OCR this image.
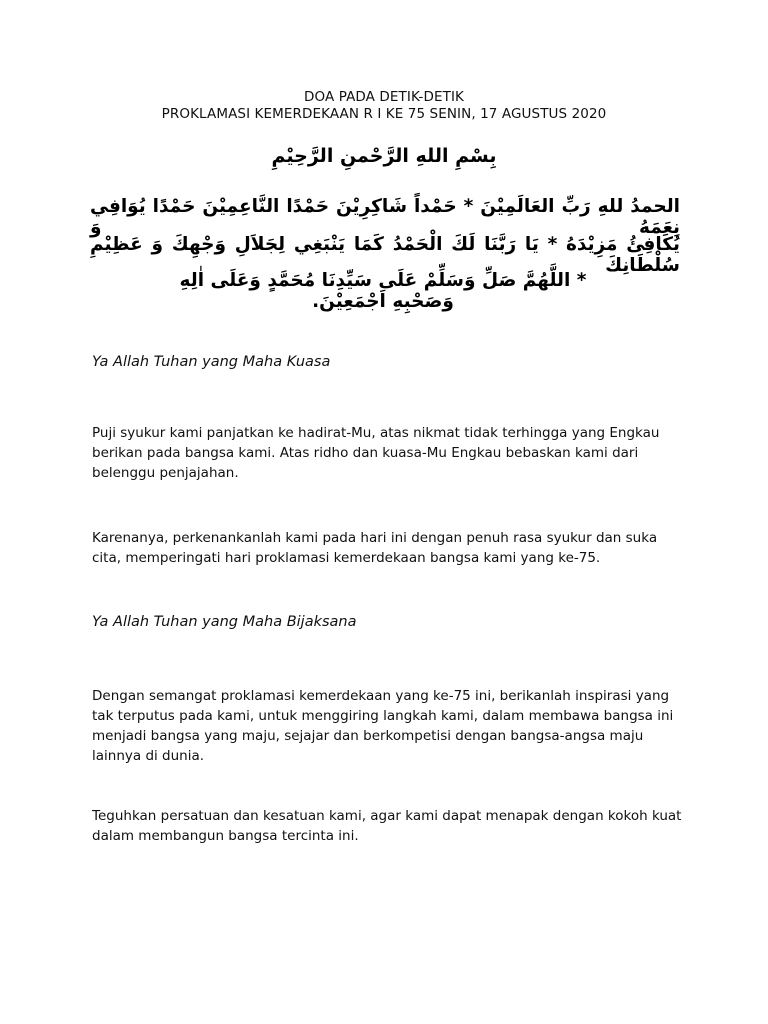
DOA PADA DETIK-DETIK
PROKLAMASI KEMERDEKAAN R I KE 75 SENIN, 17 AGUSTUS 2020
بِسْمِ اللهِ الرَّحْمنِ الرَّحِيْمِ
الحمدُ للهِ رَبِّ العَالَمِيْنَ * حَمْداً شَاكِرِيْنَ حَمْدًا النَّاعِمِيْنَ حَمْدًا يُوَافِي نِعَمَهُ وَ
يُكَافِئُ مَزِيْدَهُ * يَا رَبَّنَا لَكَ الْحَمْدُ كَمَا يَنْبَغِي لِجَلاَلِ وَجْهِكَ وَ عَظِيْمِ سُلْطَانِكَ
* اللَّهُمَّ صَلِّ وَسَلِّمْ عَلَى سَيِّدِنَا مُحَمَّدٍ وَعَلَى اٰلِهِ وَصَحْبِهِ اَجْمَعِيْنَ.
Ya Allah Tuhan yang Maha Kuasa
Puji syukur kami panjatkan ke hadirat-Mu, atas nikmat tidak terhingga yang Engkau berikan pada bangsa kami. Atas ridho dan kuasa-Mu Engkau bebaskan kami dari belenggu penjajahan.
Karenanya, perkenankanlah kami pada hari ini dengan penuh rasa syukur dan suka cita, memperingati hari proklamasi kemerdekaan bangsa kami yang ke-75.
Ya Allah Tuhan yang Maha Bijaksana
Dengan semangat proklamasi kemerdekaan yang ke-75 ini, berikanlah inspirasi yang tak terputus pada kami, untuk menggiring langkah kami, dalam membawa bangsa ini menjadi bangsa yang maju, sejajar dan berkompetisi dengan bangsa-angsa maju lainnya di dunia.
Teguhkan persatuan dan kesatuan kami, agar kami dapat menapak dengan kokoh kuat dalam membangun bangsa tercinta ini.
